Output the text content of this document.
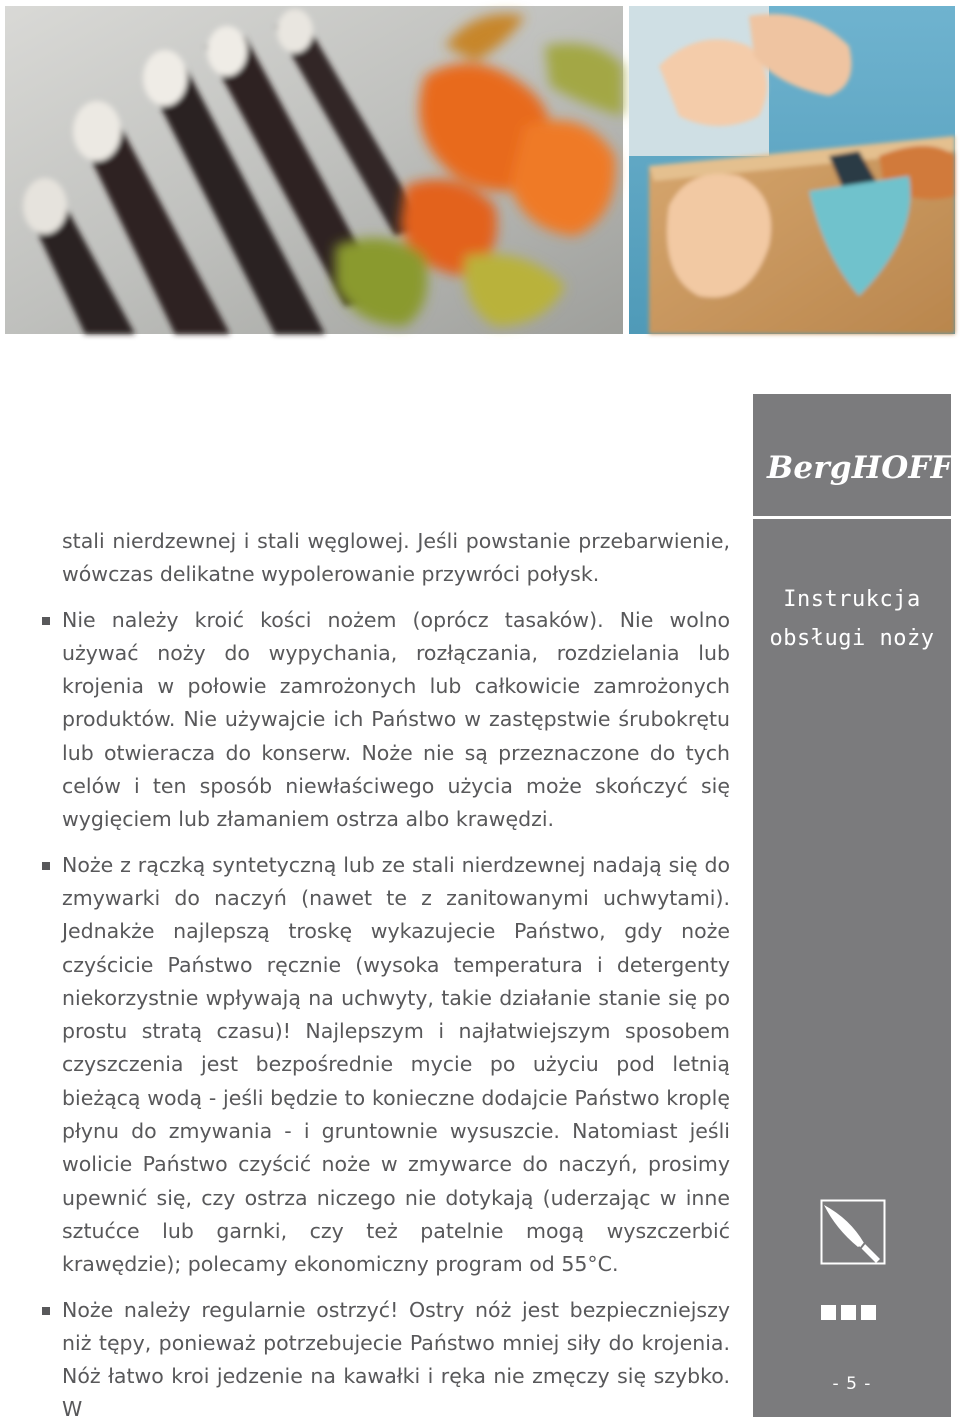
BergHOFF®
Instrukcja
obsługi noży
- 5 -

stali nierdzewnej i stali węglowej. Jeśli powstanie przebarwienie, wówczas delikatne wypolerowanie przywróci połysk.

Nie należy kroić kości nożem (oprócz tasaków). Nie wolno używać noży do wypychania, rozłączania, rozdzielania lub krojenia w połowie zamrożonych lub całkowicie zamrożonych produktów. Nie używajcie ich Państwo w zastępstwie śrubokrętu lub otwieracza do konserw. Noże nie są przeznaczone do tych celów i ten sposób niewłaściwego użycia może skończyć się wygięciem lub złamaniem ostrza albo krawędzi.

Noże z rączką syntetyczną lub ze stali nierdzewnej nadają się do zmywarki do naczyń (nawet te z zanitowanymi uchwytami). Jednakże najlepszą troskę wykazujecie Państwo, gdy noże czyścicie Państwo ręcznie (wysoka temperatura i detergenty niekorzystnie wpływają na uchwyty, takie działanie stanie się po prostu stratą czasu)! Najlepszym i najłatwiejszym sposobem czyszczenia jest bezpośrednie mycie po użyciu pod letnią bieżącą wodą - jeśli będzie to konieczne dodajcie Państwo kroplę płynu do zmywania - i gruntownie wysuszcie. Natomiast jeśli wolicie Państwo czyścić noże w zmywarce do naczyń, prosimy upewnić się, czy ostrza niczego nie dotykają (uderzając w inne sztućce lub garnki, czy też patelnie mogą wyszczerbić krawędzie); polecamy ekonomiczny program od 55°C.

Noże należy regularnie ostrzyć! Ostry nóż jest bezpieczniejszy niż tępy, ponieważ potrzebujecie Państwo mniej siły do krojenia. Nóż łatwo kroi jedzenie na kawałki i ręka nie zmęczy się szybko. W
